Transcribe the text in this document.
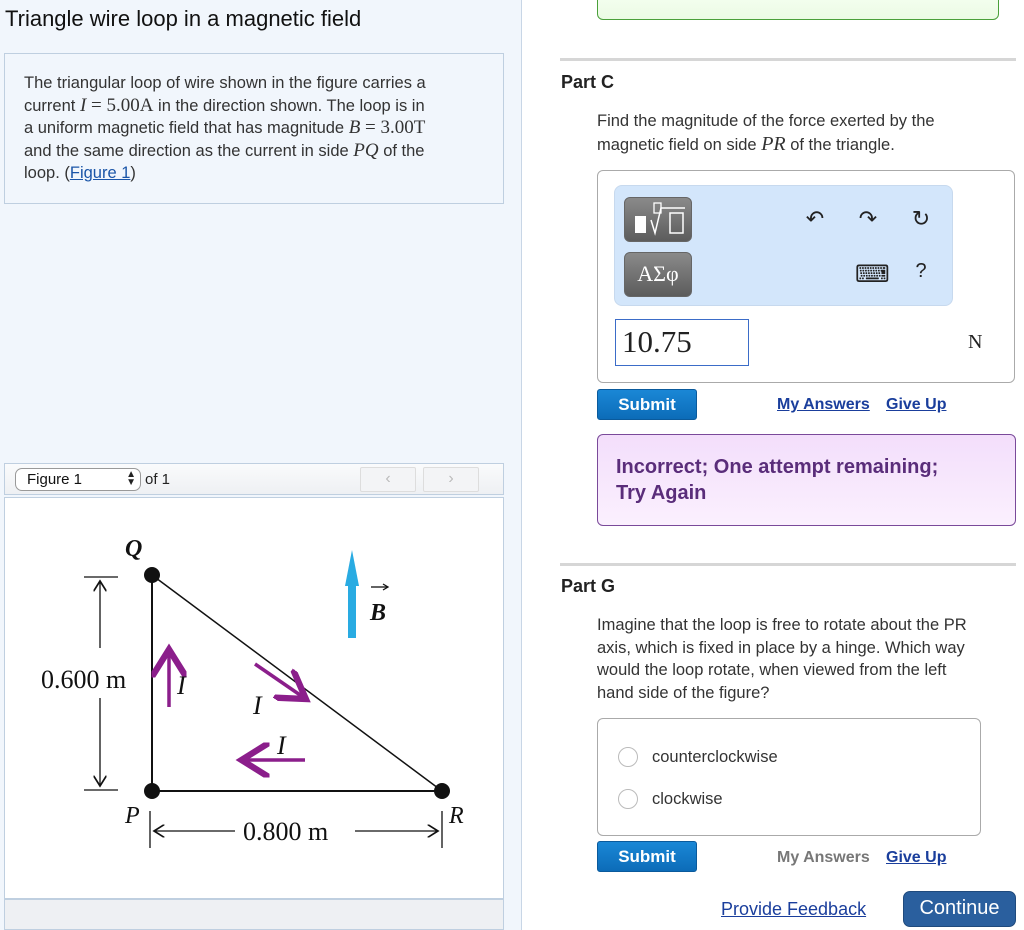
Triangle wire loop in a magnetic field
The triangular loop of wire shown in the figure carries a
current I = 5.00A in the direction shown. The loop is in
a uniform magnetic field that has magnitude B = 3.00T
and the same direction as the current in side PQ of the
loop. (Figure 1)
Figure 1	▲
▼ of 1	‹	›
Q
P	R
B
I
I
I
0.600 m
0.800 m
Part C
Find the magnitude of the force exerted by the
magnetic field on side PR of the triangle.
ΑΣφ
↶ ↷ ↻
⌨	?
10.75	N
Submit	My Answers Give Up
Incorrect; One attempt remaining;
Try Again
Part G
Imagine that the loop is free to rotate about the PR
axis, which is fixed in place by a hinge. Which way
would the loop rotate, when viewed from the left
hand side of the figure?
counterclockwise
clockwise
Submit	My Answers Give Up
Provide Feedback	Continue
